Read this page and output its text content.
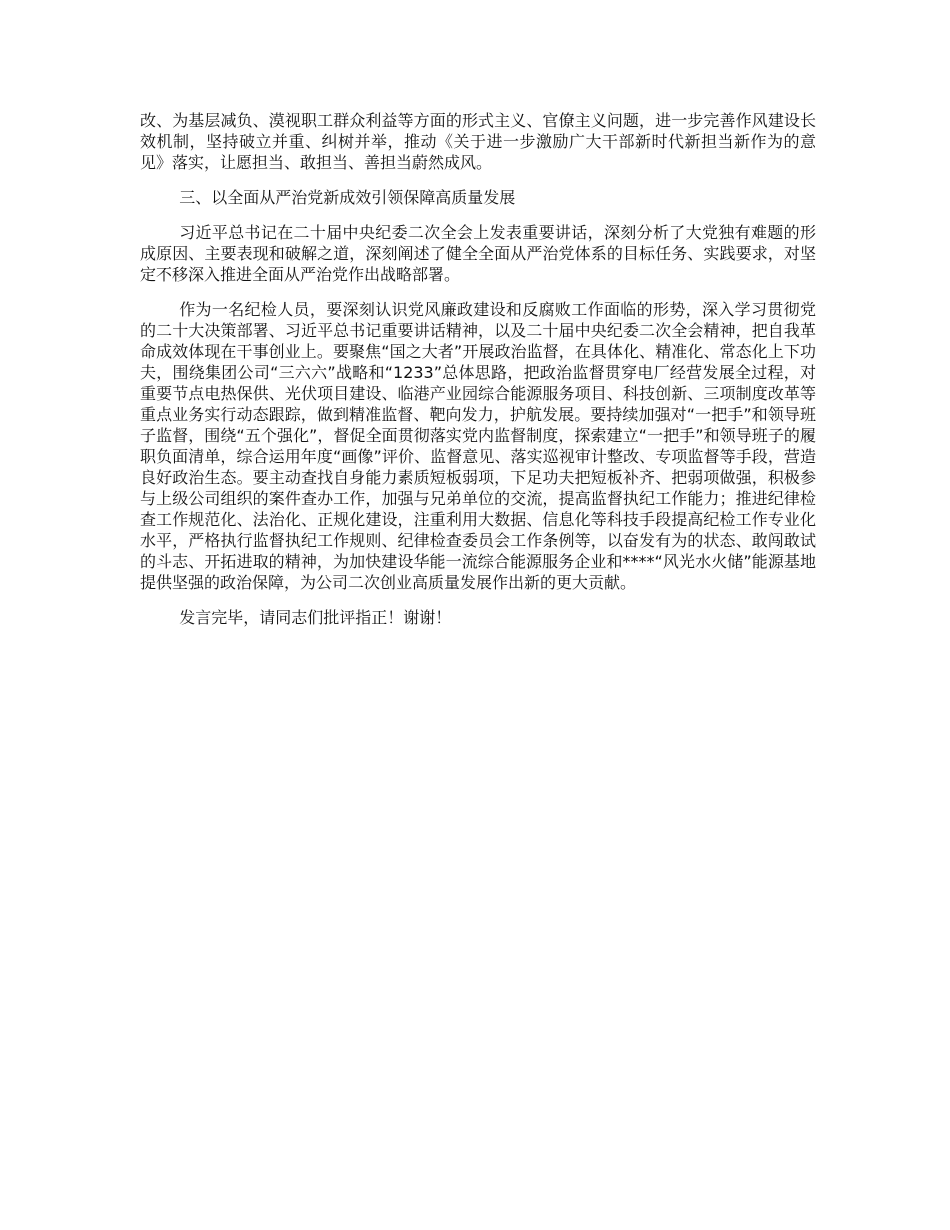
改、为基层减负、漠视职工群众利益等方面的形式主义、官僚主义问题，进一步完善作风建设长效机制，坚持破立并重、纠树并举，推动《关于进一步激励广大干部新时代新担当新作为的意见》落实，让愿担当、敢担当、善担当蔚然成风。

三、以全面从严治党新成效引领保障高质量发展

习近平总书记在二十届中央纪委二次全会上发表重要讲话，深刻分析了大党独有难题的形成原因、主要表现和破解之道，深刻阐述了健全全面从严治党体系的目标任务、实践要求，对坚定不移深入推进全面从严治党作出战略部署。

作为一名纪检人员，要深刻认识党风廉政建设和反腐败工作面临的形势，深入学习贯彻党的二十大决策部署、习近平总书记重要讲话精神，以及二十届中央纪委二次全会精神，把自我革命成效体现在干事创业上。要聚焦“国之大者”开展政治监督，在具体化、精准化、常态化上下功夫，围绕集团公司“三六六”战略和“1233”总体思路，把政治监督贯穿电厂经营发展全过程，对重要节点电热保供、光伏项目建设、临港产业园综合能源服务项目、科技创新、三项制度改革等重点业务实行动态跟踪，做到精准监督、靶向发力，护航发展。要持续加强对“一把手”和领导班子监督，围绕“五个强化”，督促全面贯彻落实党内监督制度，探索建立“一把手”和领导班子的履职负面清单，综合运用年度“画像”评价、监督意见、落实巡视审计整改、专项监督等手段，营造良好政治生态。要主动查找自身能力素质短板弱项，下足功夫把短板补齐、把弱项做强，积极参与上级公司组织的案件查办工作，加强与兄弟单位的交流，提高监督执纪工作能力；推进纪律检查工作规范化、法治化、正规化建设，注重利用大数据、信息化等科技手段提高纪检工作专业化水平，严格执行监督执纪工作规则、纪律检查委员会工作条例等，以奋发有为的状态、敢闯敢试的斗志、开拓进取的精神，为加快建设华能一流综合能源服务企业和****“风光水火储”能源基地提供坚强的政治保障，为公司二次创业高质量发展作出新的更大贡献。

发言完毕，请同志们批评指正！谢谢！
